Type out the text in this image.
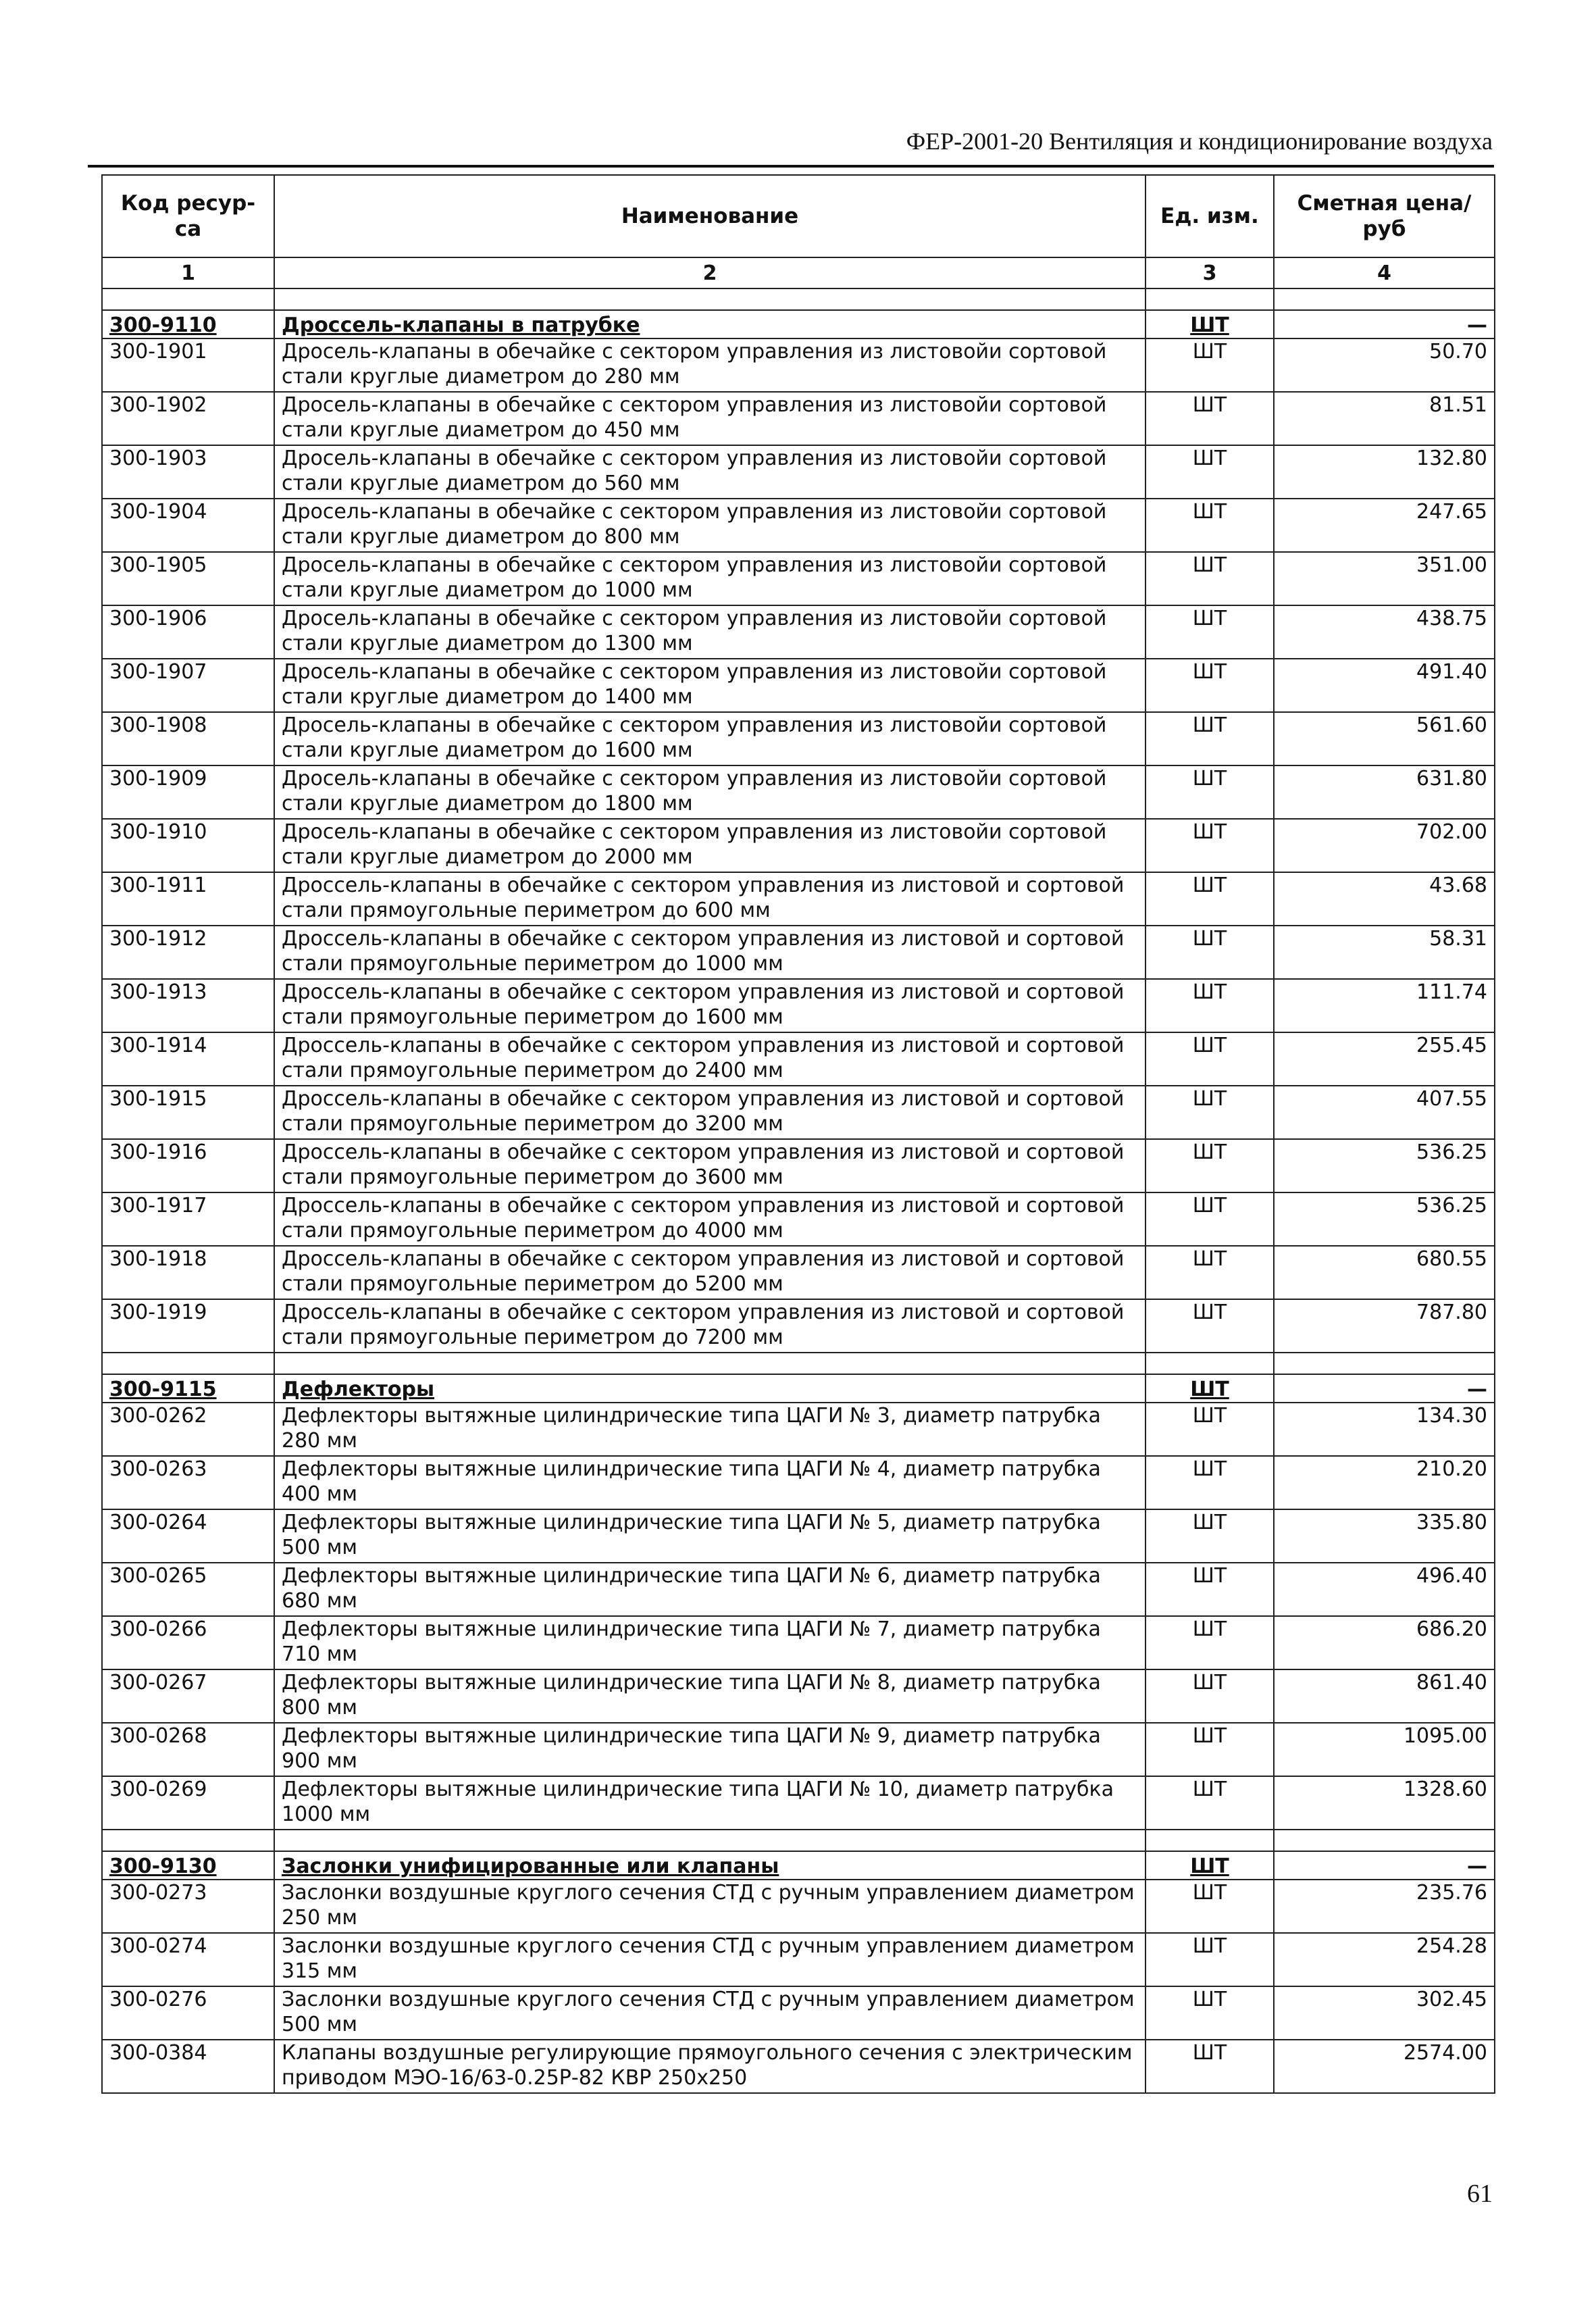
ФЕР-2001-20 Вентиляция и кондиционирование воздуха
Код ресур-са	Наименование	Ед. изм.	Сметная цена/руб
1	2	3	4

300-9110	Дроссель-клапаны в патрубке	ШТ	—
300-1901	Дросель-клапаны в обечайке с сектором управления из листовойи сортовой стали круглые диаметром до 280 мм	ШТ	50.70
300-1902	Дросель-клапаны в обечайке с сектором управления из листовойи сортовой стали круглые диаметром до 450 мм	ШТ	81.51
300-1903	Дросель-клапаны в обечайке с сектором управления из листовойи сортовой стали круглые диаметром до 560 мм	ШТ	132.80
300-1904	Дросель-клапаны в обечайке с сектором управления из листовойи сортовой стали круглые диаметром до 800 мм	ШТ	247.65
300-1905	Дросель-клапаны в обечайке с сектором управления из листовойи сортовой стали круглые диаметром до 1000 мм	ШТ	351.00
300-1906	Дросель-клапаны в обечайке с сектором управления из листовойи сортовой стали круглые диаметром до 1300 мм	ШТ	438.75
300-1907	Дросель-клапаны в обечайке с сектором управления из листовойи сортовой стали круглые диаметром до 1400 мм	ШТ	491.40
300-1908	Дросель-клапаны в обечайке с сектором управления из листовойи сортовой стали круглые диаметром до 1600 мм	ШТ	561.60
300-1909	Дросель-клапаны в обечайке с сектором управления из листовойи сортовой стали круглые диаметром до 1800 мм	ШТ	631.80
300-1910	Дросель-клапаны в обечайке с сектором управления из листовойи сортовой стали круглые диаметром до 2000 мм	ШТ	702.00
300-1911	Дроссель-клапаны в обечайке с сектором управления из листовой и сортовой стали прямоугольные периметром до 600 мм	ШТ	43.68
300-1912	Дроссель-клапаны в обечайке с сектором управления из листовой и сортовой стали прямоугольные периметром до 1000 мм	ШТ	58.31
300-1913	Дроссель-клапаны в обечайке с сектором управления из листовой и сортовой стали прямоугольные периметром до 1600 мм	ШТ	111.74
300-1914	Дроссель-клапаны в обечайке с сектором управления из листовой и сортовой стали прямоугольные периметром до 2400 мм	ШТ	255.45
300-1915	Дроссель-клапаны в обечайке с сектором управления из листовой и сортовой стали прямоугольные периметром до 3200 мм	ШТ	407.55
300-1916	Дроссель-клапаны в обечайке с сектором управления из листовой и сортовой стали прямоугольные периметром до 3600 мм	ШТ	536.25
300-1917	Дроссель-клапаны в обечайке с сектором управления из листовой и сортовой стали прямоугольные периметром до 4000 мм	ШТ	536.25
300-1918	Дроссель-клапаны в обечайке с сектором управления из листовой и сортовой стали прямоугольные периметром до 5200 мм	ШТ	680.55
300-1919	Дроссель-клапаны в обечайке с сектором управления из листовой и сортовой стали прямоугольные периметром до 7200 мм	ШТ	787.80

300-9115	Дефлекторы	ШТ	—
300-0262	Дефлекторы вытяжные цилиндрические типа ЦАГИ № 3, диаметр патрубка 280 мм	ШТ	134.30
300-0263	Дефлекторы вытяжные цилиндрические типа ЦАГИ № 4, диаметр патрубка 400 мм	ШТ	210.20
300-0264	Дефлекторы вытяжные цилиндрические типа ЦАГИ № 5, диаметр патрубка 500 мм	ШТ	335.80
300-0265	Дефлекторы вытяжные цилиндрические типа ЦАГИ № 6, диаметр патрубка 680 мм	ШТ	496.40
300-0266	Дефлекторы вытяжные цилиндрические типа ЦАГИ № 7, диаметр патрубка 710 мм	ШТ	686.20
300-0267	Дефлекторы вытяжные цилиндрические типа ЦАГИ № 8, диаметр патрубка 800 мм	ШТ	861.40
300-0268	Дефлекторы вытяжные цилиндрические типа ЦАГИ № 9, диаметр патрубка 900 мм	ШТ	1095.00
300-0269	Дефлекторы вытяжные цилиндрические типа ЦАГИ № 10, диаметр патрубка 1000 мм	ШТ	1328.60

300-9130	Заслонки унифицированные или клапаны	ШТ	—
300-0273	Заслонки воздушные круглого сечения СТД с ручным управлением диаметром 250 мм	ШТ	235.76
300-0274	Заслонки воздушные круглого сечения СТД с ручным управлением диаметром 315 мм	ШТ	254.28
300-0276	Заслонки воздушные круглого сечения СТД с ручным управлением диаметром 500 мм	ШТ	302.45
300-0384	Клапаны воздушные регулирующие прямоугольного сечения с электрическим приводом МЭО-16/63-0.25Р-82 КВР 250х250	ШТ	2574.00
61
